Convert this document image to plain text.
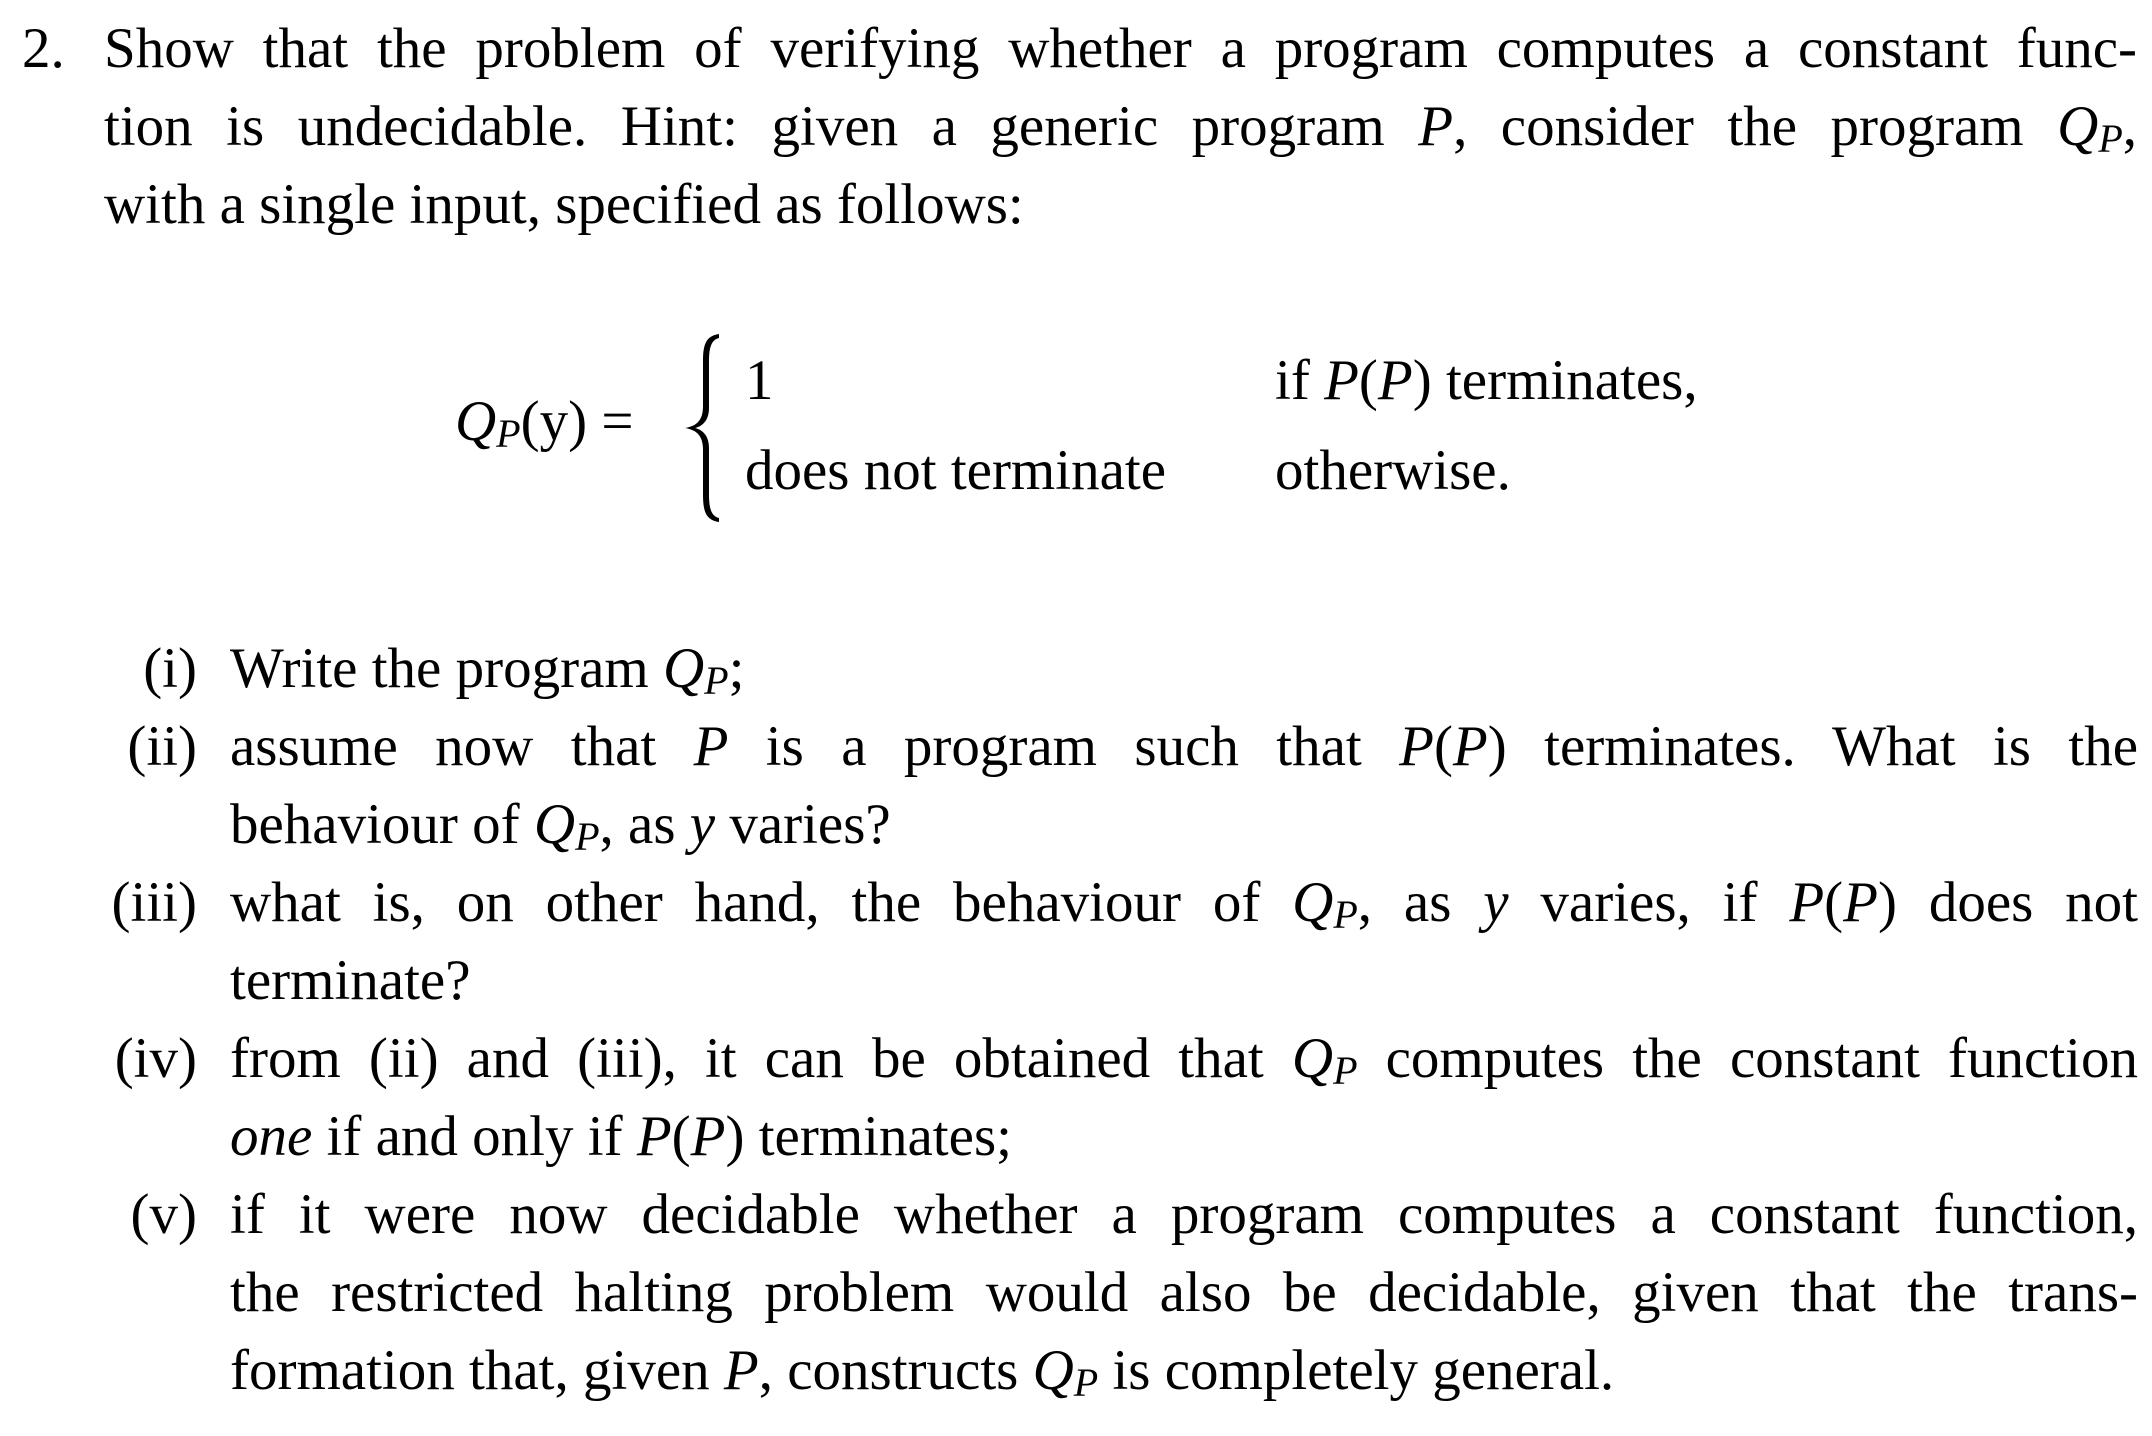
2. Show that the problem of verifying whether a program computes a constant func-
tion is undecidable. Hint: given a generic program P, consider the program $Q_P$,
with a single input, specified as follows:
$Q_P(y)$ =
1	if P(P) terminates,
does not terminate otherwise.
(i) Write the program $Q_P$;
(ii) assume now that P is a program such that P(P) terminates. What is the
behaviour of $Q_P$, as y varies?
(iii) what is, on other hand, the behaviour of $Q_P$, as y varies, if P(P) does not
terminate?
(iv) from (ii) and (iii), it can be obtained that $Q_P$ computes the constant function
one if and only if P(P) terminates;
(v) if it were now decidable whether a program computes a constant function,
the restricted halting problem would also be decidable, given that the trans-
formation that, given P, constructs $Q_P$ is completely general.
